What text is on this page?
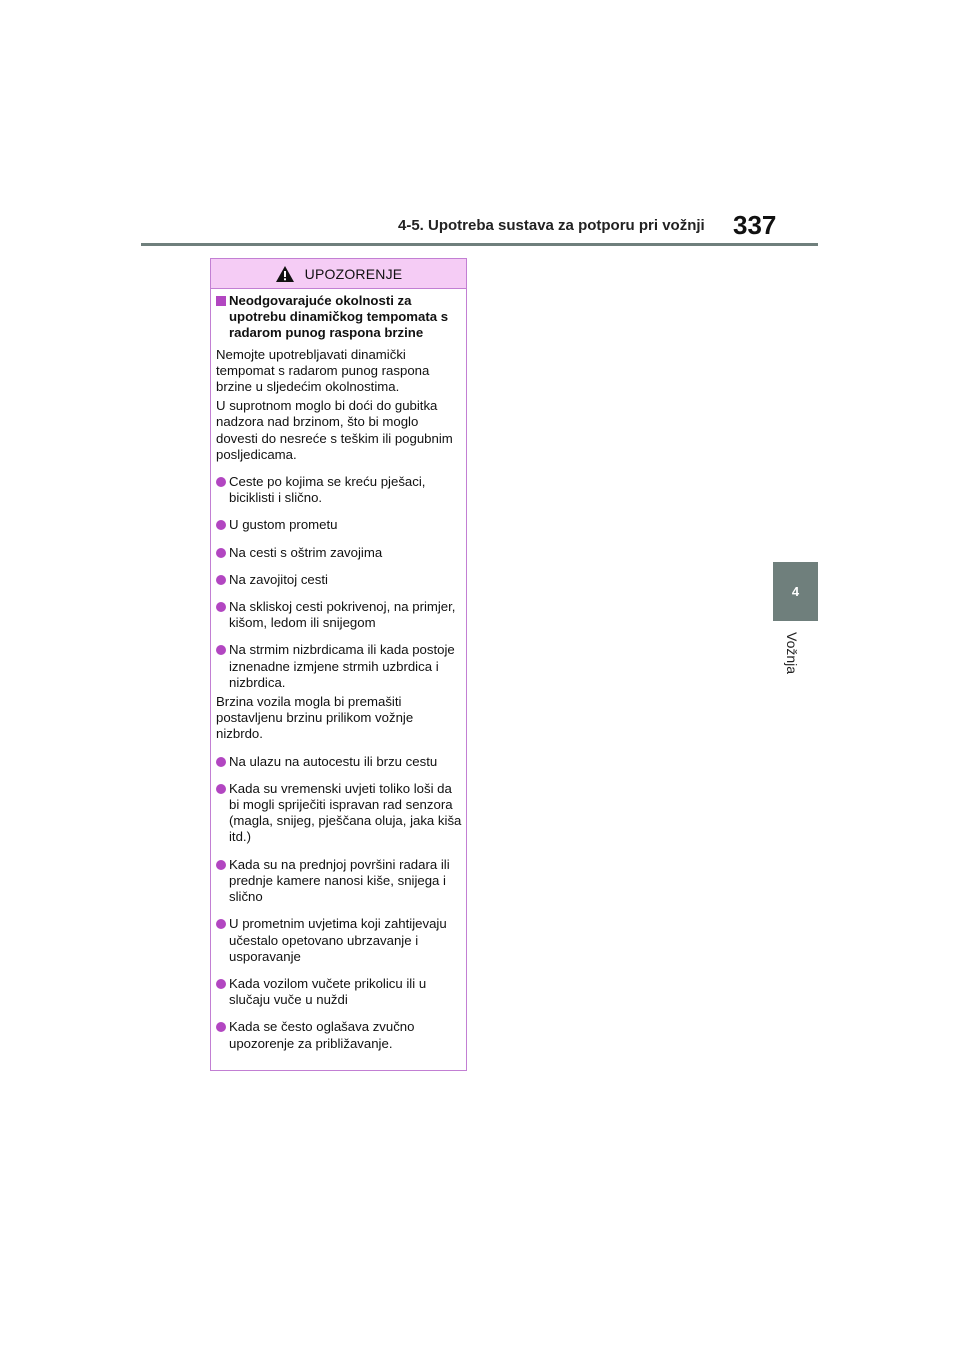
4-5. Upotreba sustava za potporu pri vožnji 337
4
Vožnja
UPOZORENJE
Neodgovarajuće okolnosti za upotrebu dinamičkog tempomata s radarom punog raspona brzine

Nemojte upotrebljavati dinamički tempomat s radarom punog raspona brzine u sljedećim okolnostima.

U suprotnom moglo bi doći do gubitka nadzora nad brzinom, što bi moglo dovesti do nesreće s teškim ili pogubnim posljedicama.

Ceste po kojima se kreću pješaci, biciklisti i slično.
U gustom prometu
Na cesti s oštrim zavojima
Na zavojitoj cesti
Na skliskoj cesti pokrivenoj, na primjer, kišom, ledom ili snijegom
Na strmim nizbrdicama ili kada postoje iznenadne izmjene strmih uzbrdica i nizbrdica.

Brzina vozila mogla bi premašiti postavljenu brzinu prilikom vožnje nizbrdo.

Na ulazu na autocestu ili brzu cestu
Kada su vremenski uvjeti toliko loši da bi mogli spriječiti ispravan rad senzora (magla, snijeg, pješčana oluja, jaka kiša itd.)
Kada su na prednjoj površini radara ili prednje kamere nanosi kiše, snijega i slično
U prometnim uvjetima koji zahtijevaju učestalo opetovano ubrzavanje i usporavanje
Kada vozilom vučete prikolicu ili u slučaju vuče u nuždi
Kada se često oglašava zvučno upozorenje za približavanje.
